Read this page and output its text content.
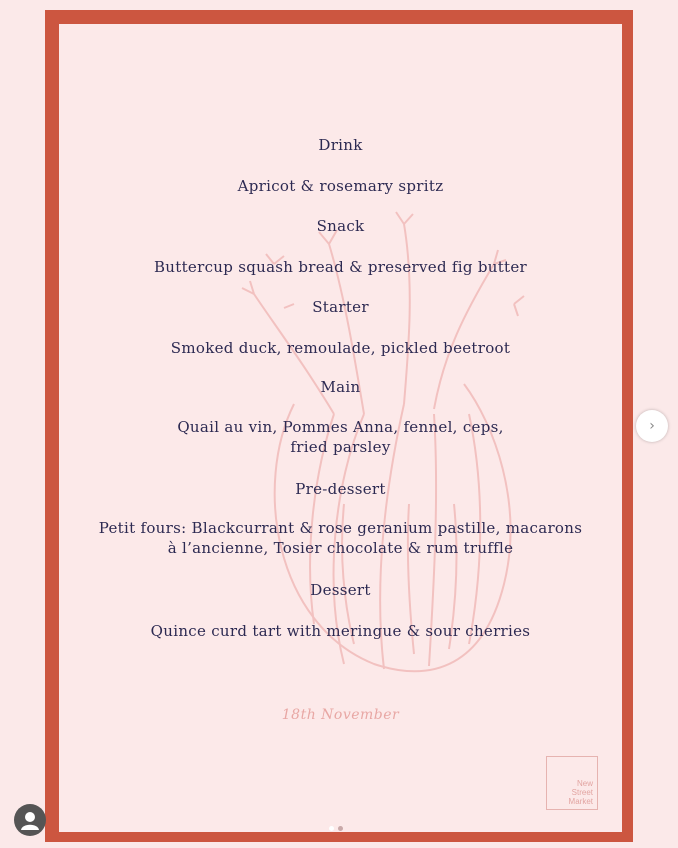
Drink
Apricot & rosemary spritz
Snack
Buttercup squash bread & preserved fig butter
Starter
Smoked duck, remoulade, pickled beetroot
Main
Quail au vin, Pommes Anna, fennel, ceps,
fried parsley
Pre-dessert
Petit fours: Blackcurrant & rose geranium pastille, macarons
à l’ancienne, Tosier chocolate & rum truffle
Dessert
Quince curd tart with meringue & sour cherries
18th November
New
Street
Market
›
